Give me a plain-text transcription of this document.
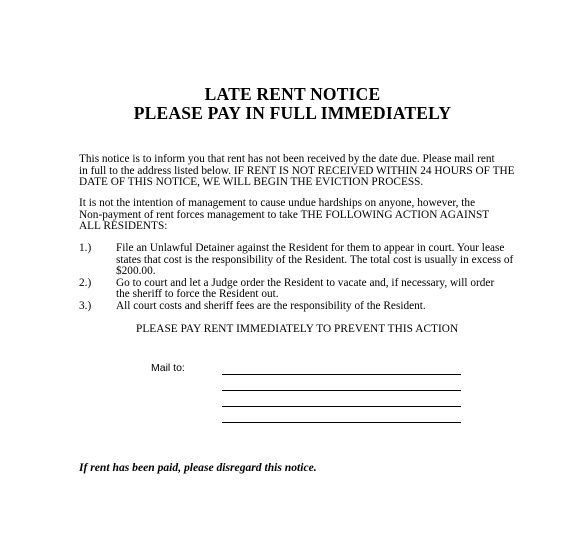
LATE RENT NOTICE
PLEASE PAY IN FULL IMMEDIATELY
This notice is to inform you that rent has not been received by the date due. Please mail rent
in full to the address listed below. IF RENT IS NOT RECEIVED WITHIN 24 HOURS OF THE
DATE OF THIS NOTICE, WE WILL BEGIN THE EVICTION PROCESS.
It is not the intention of management to cause undue hardships on anyone, however, the
Non-payment of rent forces management to take THE FOLLOWING ACTION AGAINST
ALL RESIDENTS:
1.) File an Unlawful Detainer against the Resident for them to appear in court. Your lease
states that cost is the responsibility of the Resident. The total cost is usually in excess of
$200.00.
2.) Go to court and let a Judge order the Resident to vacate and, if necessary, will order
the sheriff to force the Resident out.
3.) All court costs and sheriff fees are the responsibility of the Resident.
PLEASE PAY RENT IMMEDIATELY TO PREVENT THIS ACTION
Mail to:
If rent has been paid, please disregard this notice.
